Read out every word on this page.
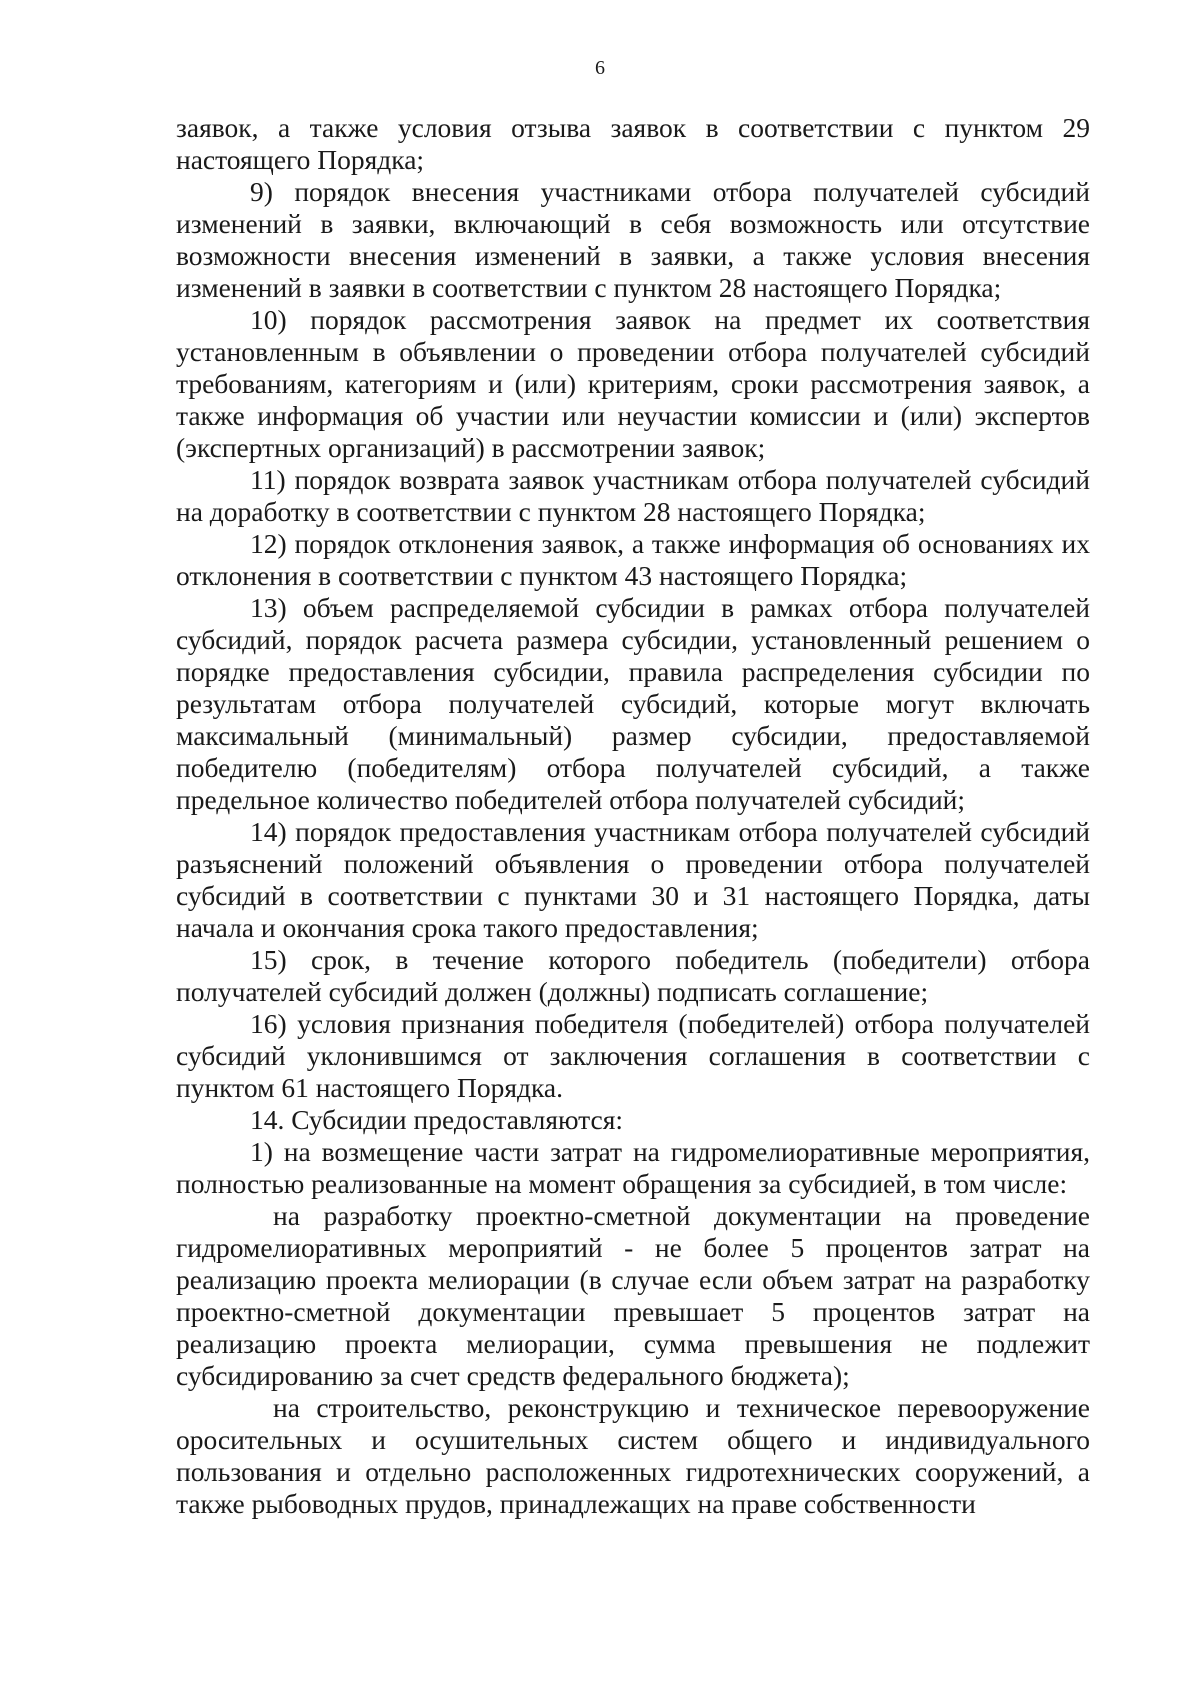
6

заявок, а также условия отзыва заявок в соответствии с пунктом 29 настоящего Порядка;

9) порядок внесения участниками отбора получателей субсидий изменений в заявки, включающий в себя возможность или отсутствие возможности внесения изменений в заявки, а также условия внесения изменений в заявки в соответствии с пунктом 28 настоящего Порядка;

10) порядок рассмотрения заявок на предмет их соответствия установленным в объявлении о проведении отбора получателей субсидий требованиям, категориям и (или) критериям, сроки рассмотрения заявок, а также информация об участии или неучастии комиссии и (или) экспертов (экспертных организаций) в рассмотрении заявок;

11) порядок возврата заявок участникам отбора получателей субсидий на доработку в соответствии с пунктом 28 настоящего Порядка;

12) порядок отклонения заявок, а также информация об основаниях их отклонения в соответствии с пунктом 43 настоящего Порядка;

13) объем распределяемой субсидии в рамках отбора получателей субсидий, порядок расчета размера субсидии, установленный решением о порядке предоставления субсидии, правила распределения субсидии по результатам отбора получателей субсидий, которые могут включать максимальный (минимальный) размер субсидии, предоставляемой победителю (победителям) отбора получателей субсидий, а также предельное количество победителей отбора получателей субсидий;

14) порядок предоставления участникам отбора получателей субсидий разъяснений положений объявления о проведении отбора получателей субсидий в соответствии с пунктами 30 и 31 настоящего Порядка, даты начала и окончания срока такого предоставления;

15) срок, в течение которого победитель (победители) отбора получателей субсидий должен (должны) подписать соглашение;

16) условия признания победителя (победителей) отбора получателей субсидий уклонившимся от заключения соглашения в соответствии с пунктом 61 настоящего Порядка.

14. Субсидии предоставляются:

1) на возмещение части затрат на гидромелиоративные мероприятия, полностью реализованные на момент обращения за субсидией, в том числе:

на разработку проектно-сметной документации на проведение гидромелиоративных мероприятий - не более 5 процентов затрат на реализацию проекта мелиорации (в случае если объем затрат на разработку проектно-сметной документации превышает 5 процентов затрат на реализацию проекта мелиорации, сумма превышения не подлежит субсидированию за счет средств федерального бюджета);

на строительство, реконструкцию и техническое перевооружение оросительных и осушительных систем общего и индивидуального пользования и отдельно расположенных гидротехнических сооружений, а также рыбоводных прудов, принадлежащих на праве собственности
